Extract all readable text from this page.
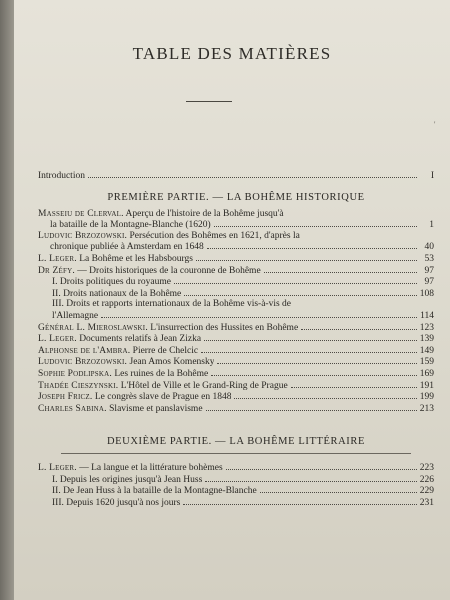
TABLE DES MATIÈRES
'
Introduction	I
PREMIÈRE PARTIE. — LA BOHÊME HISTORIQUE
Masseiu de Clerval. Aperçu de l'histoire de la Bohême jusqu'à
la bataille de la Montagne-Blanche (1620)	1
Ludovic Brzozowski. Persécution des Bohêmes en 1621, d'après la
chronique publiée à Amsterdam en 1648	40
L. Leger. La Bohême et les Habsbourgs	53
Dr Zéfy. — Droits historiques de la couronne de Bohême	97
I. Droits politiques du royaume	97
II. Droits nationaux de la Bohême	108
III. Droits et rapports internationaux de la Bohême vis-à-vis de
l'Allemagne	114
Général L. Mieroslawski. L'insurrection des Hussites en Bohême	123
L. Leger. Documents relatifs à Jean Zizka	139
Alphonse de l'Ambra. Pierre de Chelcic	149
Ludovic Brzozowski. Jean Amos Komensky	159
Sophie Podlipska. Les ruines de la Bohême	169
Thadée Cieszynski. L'Hôtel de Ville et le Grand-Ring de Prague	191
Joseph Fricz. Le congrès slave de Prague en 1848	199
Charles Sabina. Slavisme et panslavisme	213
DEUXIÈME PARTIE. — LA BOHÊME LITTÉRAIRE
L. Leger. — La langue et la littérature bohèmes	223
I. Depuis les origines jusqu'à Jean Huss	226
II. De Jean Huss à la bataille de la Montagne-Blanche	229
III. Depuis 1620 jusqu'à nos jours	231
